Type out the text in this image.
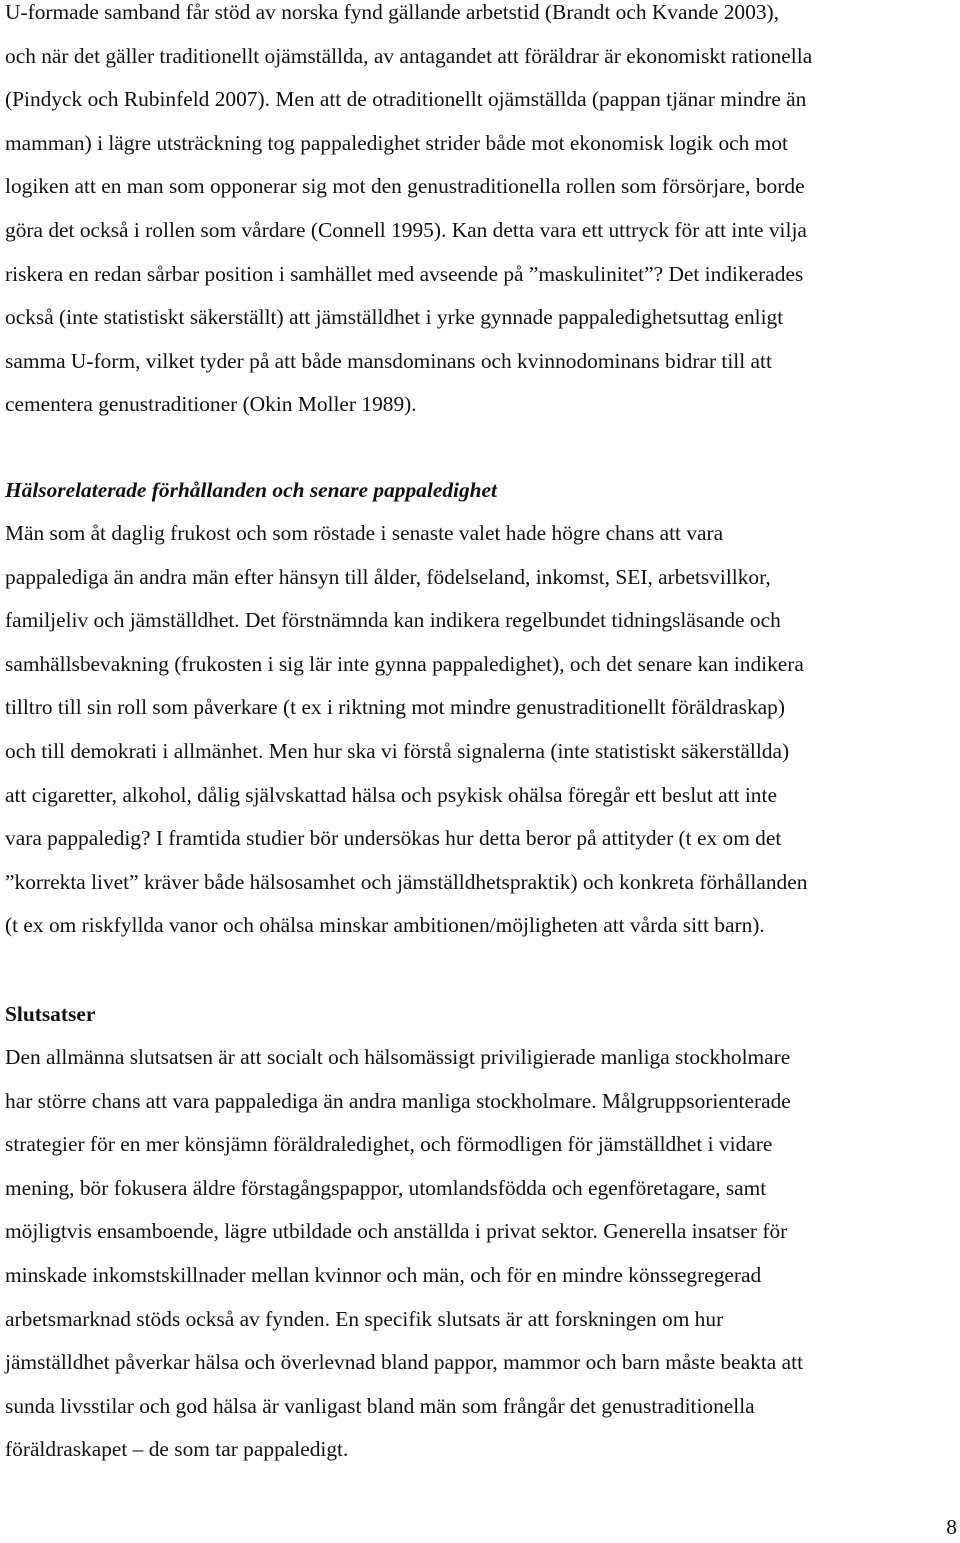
U-formade samband får stöd av norska fynd gällande arbetstid (Brandt och Kvande 2003),
och när det gäller traditionellt ojämställda, av antagandet att föräldrar är ekonomiskt rationella
(Pindyck och Rubinfeld 2007). Men att de otraditionellt ojämställda (pappan tjänar mindre än
mamman) i lägre utsträckning tog pappaledighet strider både mot ekonomisk logik och mot
logiken att en man som opponerar sig mot den genustraditionella rollen som försörjare, borde
göra det också i rollen som vårdare (Connell 1995). Kan detta vara ett uttryck för att inte vilja
riskera en redan sårbar position i samhället med avseende på ”maskulinitet”? Det indikerades
också (inte statistiskt säkerställt) att jämställdhet i yrke gynnade pappaledighetsuttag enligt
samma U-form, vilket tyder på att både mansdominans och kvinnodominans bidrar till att
cementera genustraditioner (Okin Moller 1989).
Hälsorelaterade förhållanden och senare pappaledighet
Män som åt daglig frukost och som röstade i senaste valet hade högre chans att vara
pappalediga än andra män efter hänsyn till ålder, födelseland, inkomst, SEI, arbetsvillkor,
familjeliv och jämställdhet. Det förstnämnda kan indikera regelbundet tidningsläsande och
samhällsbevakning (frukosten i sig lär inte gynna pappaledighet), och det senare kan indikera
tilltro till sin roll som påverkare (t ex i riktning mot mindre genustraditionellt föräldraskap)
och till demokrati i allmänhet. Men hur ska vi förstå signalerna (inte statistiskt säkerställda)
att cigaretter, alkohol, dålig självskattad hälsa och psykisk ohälsa föregår ett beslut att inte
vara pappaledig? I framtida studier bör undersökas hur detta beror på attityder (t ex om det
”korrekta livet” kräver både hälsosamhet och jämställdhetspraktik) och konkreta förhållanden
(t ex om riskfyllda vanor och ohälsa minskar ambitionen/möjligheten att vårda sitt barn).
Slutsatser
Den allmänna slutsatsen är att socialt och hälsomässigt priviligierade manliga stockholmare
har större chans att vara pappalediga än andra manliga stockholmare. Målgruppsorienterade
strategier för en mer könsjämn föräldraledighet, och förmodligen för jämställdhet i vidare
mening, bör fokusera äldre förstagångspappor, utomlandsfödda och egenföretagare, samt
möjligtvis ensamboende, lägre utbildade och anställda i privat sektor. Generella insatser för
minskade inkomstskillnader mellan kvinnor och män, och för en mindre könssegregerad
arbetsmarknad stöds också av fynden. En specifik slutsats är att forskningen om hur
jämställdhet påverkar hälsa och överlevnad bland pappor, mammor och barn måste beakta att
sunda livsstilar och god hälsa är vanligast bland män som frångår det genustraditionella
föräldraskapet – de som tar pappaledigt.
8
